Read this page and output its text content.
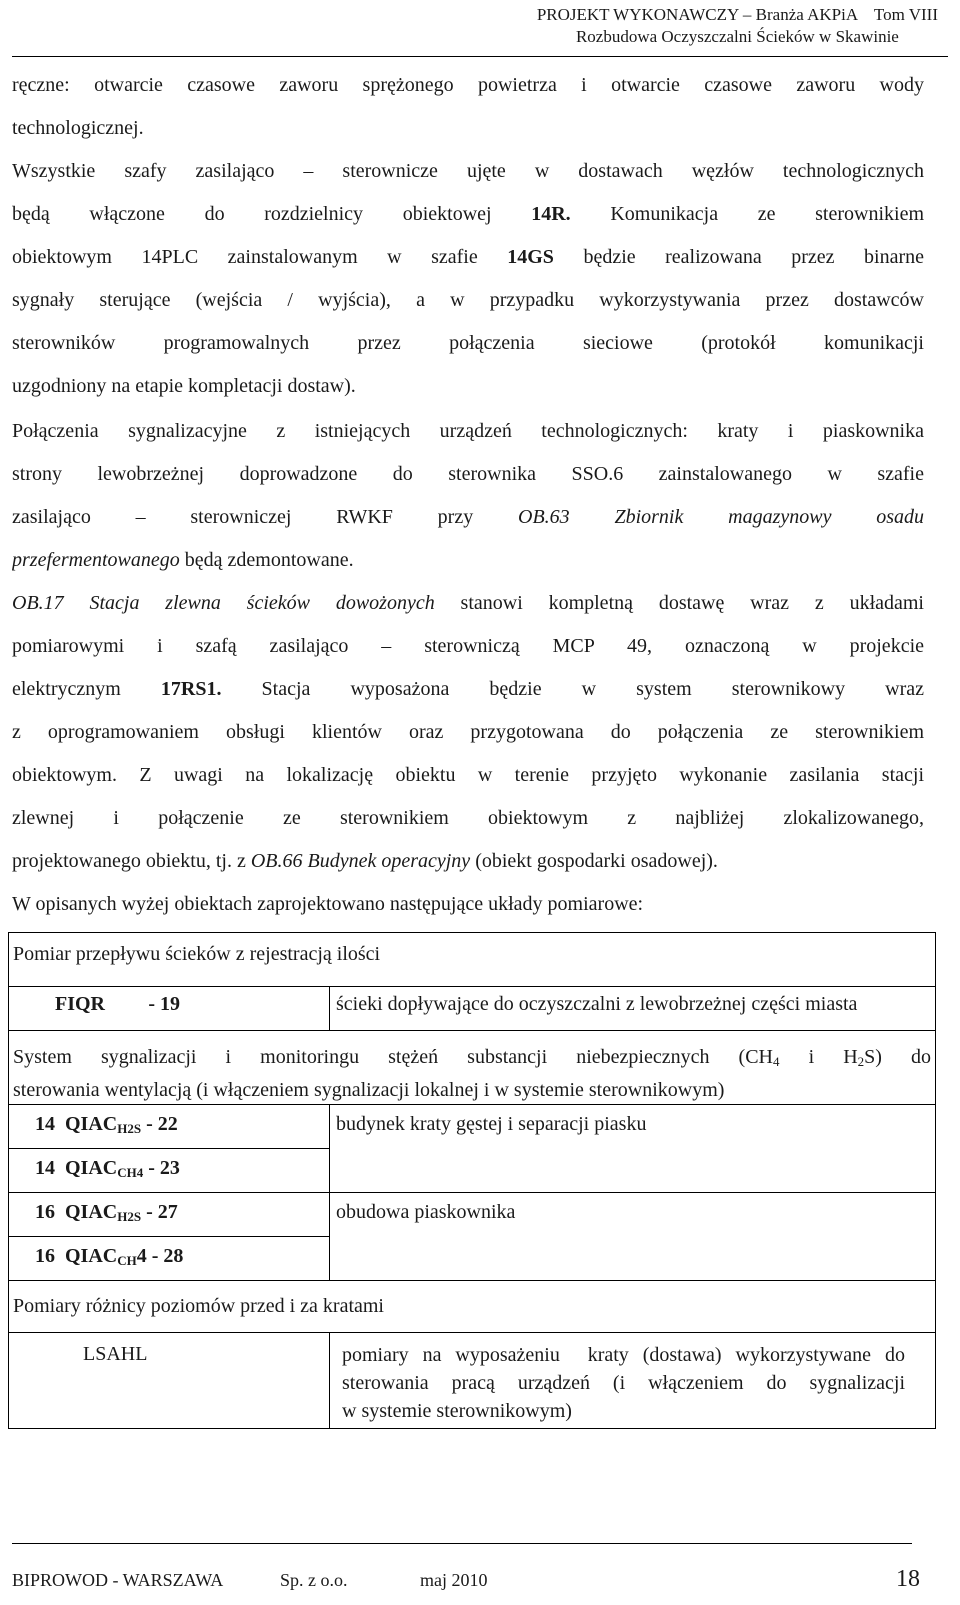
PROJEKT WYKONAWCZY – Branża AKPiA    Tom VIII
Rozbudowa Oczyszczalni Ścieków w Skawinie
ręczne: otwarcie czasowe zaworu sprężonego powietrza i otwarcie czasowe zaworu wody
technologicznej.
Wszystkie szafy zasilająco – sterownicze ujęte w dostawach węzłów technologicznych
będą włączone do rozdzielnicy obiektowej 14R. Komunikacja ze sterownikiem
obiektowym 14PLC zainstalowanym w szafie 14GS będzie realizowana przez binarne
sygnały sterujące (wejścia / wyjścia), a w przypadku wykorzystywania przez dostawców
sterowników programowalnych przez połączenia sieciowe (protokół komunikacji
uzgodniony na etapie kompletacji dostaw).
Połączenia sygnalizacyjne z istniejących urządzeń technologicznych: kraty i piaskownika
strony lewobrzeżnej doprowadzone do sterownika SSO.6 zainstalowanego w szafie
zasilająco – sterowniczej RWKF przy OB.63 Zbiornik magazynowy osadu
przefermentowanego będą zdemontowane.
OB.17 Stacja zlewna ścieków dowożonych stanowi kompletną dostawę wraz z układami
pomiarowymi i szafą zasilająco – sterowniczą MCP 49, oznaczoną w projekcie
elektrycznym 17RS1. Stacja wyposażona będzie w system sterownikowy wraz
z oprogramowaniem obsługi klientów oraz przygotowana do połączenia ze sterownikiem
obiektowym. Z uwagi na lokalizację obiektu w terenie przyjęto wykonanie zasilania stacji
zlewnej i połączenie ze sterownikiem obiektowym z najbliżej zlokalizowanego,
projektowanego obiektu, tj. z OB.66 Budynek operacyjny (obiekt gospodarki osadowej).
W opisanych wyżej obiektach zaprojektowano następujące układy pomiarowe:
Pomiar przepływu ścieków z rejestracją ilości	
FIQR - 19	ścieki dopływające do oczyszczalni z lewobrzeżnej części miasta

System sygnalizacji i monitoringu stężeń substancji niebezpiecznych ($CH_4$ i $H_2S$) do
sterowania wentylacją (i włączeniem sygnalizacji lokalnej i w systemie sterownikowym)	

14 $QIAC_{H2S} - 22$	budynek kraty gęstej i separacji piasku
14 $QIAC_{CH4} - 23$	
16 $QIAC_{H2S} - 27$	obudowa piaskownika
16 $QIAC_{CH}4 - 28$	
Pomiary różnicy poziomów przed i za kratami	
LSAHL	pomiary na wyposażeniu  kraty (dostawa) wykorzystywane do
sterowania pracą urządzeń (i włączeniem do sygnalizacji
w systemie sterownikowym)
BIPROWOD - WARSZAWA	Sp. z o.o.	maj 2010	18
